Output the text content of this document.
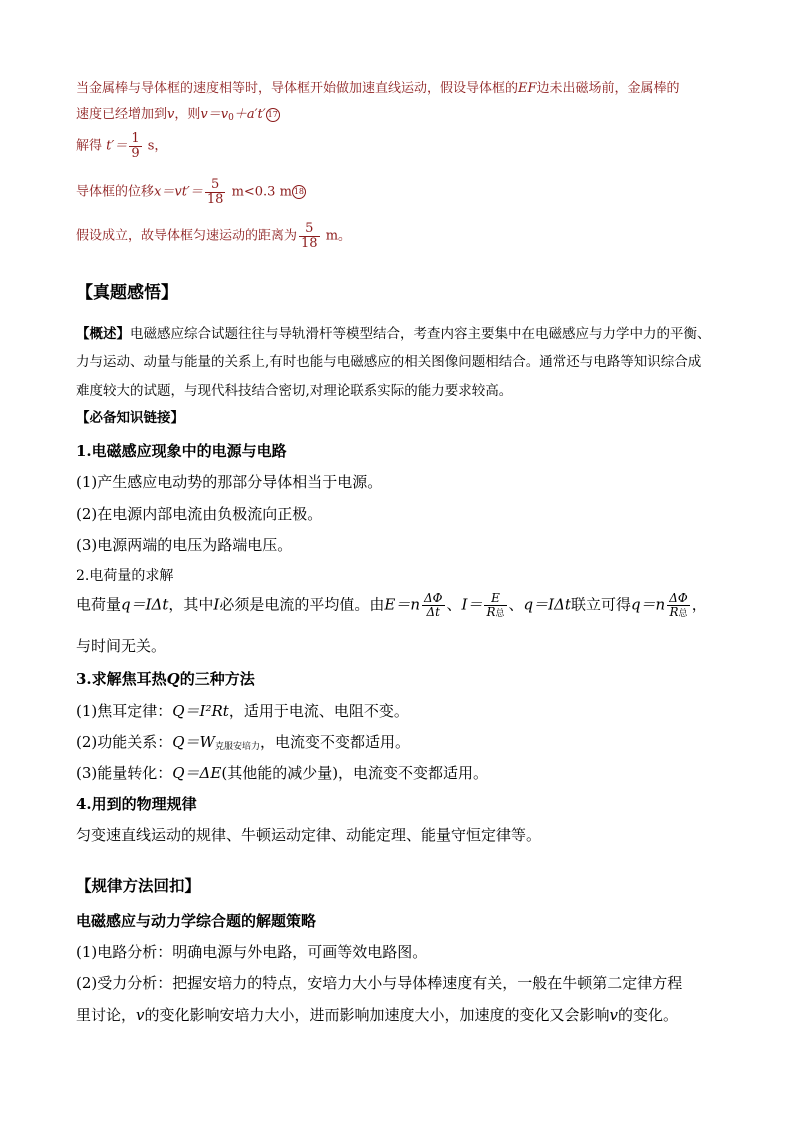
当金属棒与导体框的速度相等时，导体框开始做加速直线运动，假设导体框的EF边未出磁场前，金属棒的
速度已经增加到v，则$v=v_0+a't'$ 17
解得 $t'= \frac{1}{9}$ s，
导体框的位移$x=vt'= \frac{5}{18} m<0.3$ m 18
假设成立，故导体框匀速运动的距离为 $\frac{5}{18}$ m。
【真题感悟】
【概述】电磁感应综合试题往往与导轨滑杆等模型结合，考查内容主要集中在电磁感应与力学中力的平衡、
力与运动、动量与能量的关系上,有时也能与电磁感应的相关图像问题相结合。通常还与电路等知识综合成
难度较大的试题，与现代科技结合密切,对理论联系实际的能力要求较高。
【必备知识链接】
1.电磁感应现象中的电源与电路
(1)产生感应电动势的那部分导体相当于电源。
(2)在电源内部电流由负极流向正极。
(3)电源两端的电压为路端电压。
2.电荷量的求解
电荷量q＝IΔt，其中I必须是电流的平均值。由$E=n \frac{\Delta\Phi}{\Delta t}$ 、$I= \frac{E}{\text{R总}}$ 、q＝IΔt联立可得$q=n \frac{\Delta\Phi}{\text{R总}}$ ，
与时间无关。
3.求解焦耳热Q的三种方法
(1)焦耳定律：Q＝I²Rt，适用于电流、电阻不变。
(2)功能关系：$Q=W_{克服安培力}$，电流变不变都适用。
(3)能量转化：Q＝ΔE(其他能的减少量)，电流变不变都适用。
4.用到的物理规律
匀变速直线运动的规律、牛顿运动定律、动能定理、能量守恒定律等。
【规律方法回扣】
电磁感应与动力学综合题的解题策略
(1)电路分析：明确电源与外电路，可画等效电路图。
(2)受力分析：把握安培力的特点，安培力大小与导体棒速度有关，一般在牛顿第二定律方程
里讨论，v的变化影响安培力大小，进而影响加速度大小，加速度的变化又会影响v的变化。
